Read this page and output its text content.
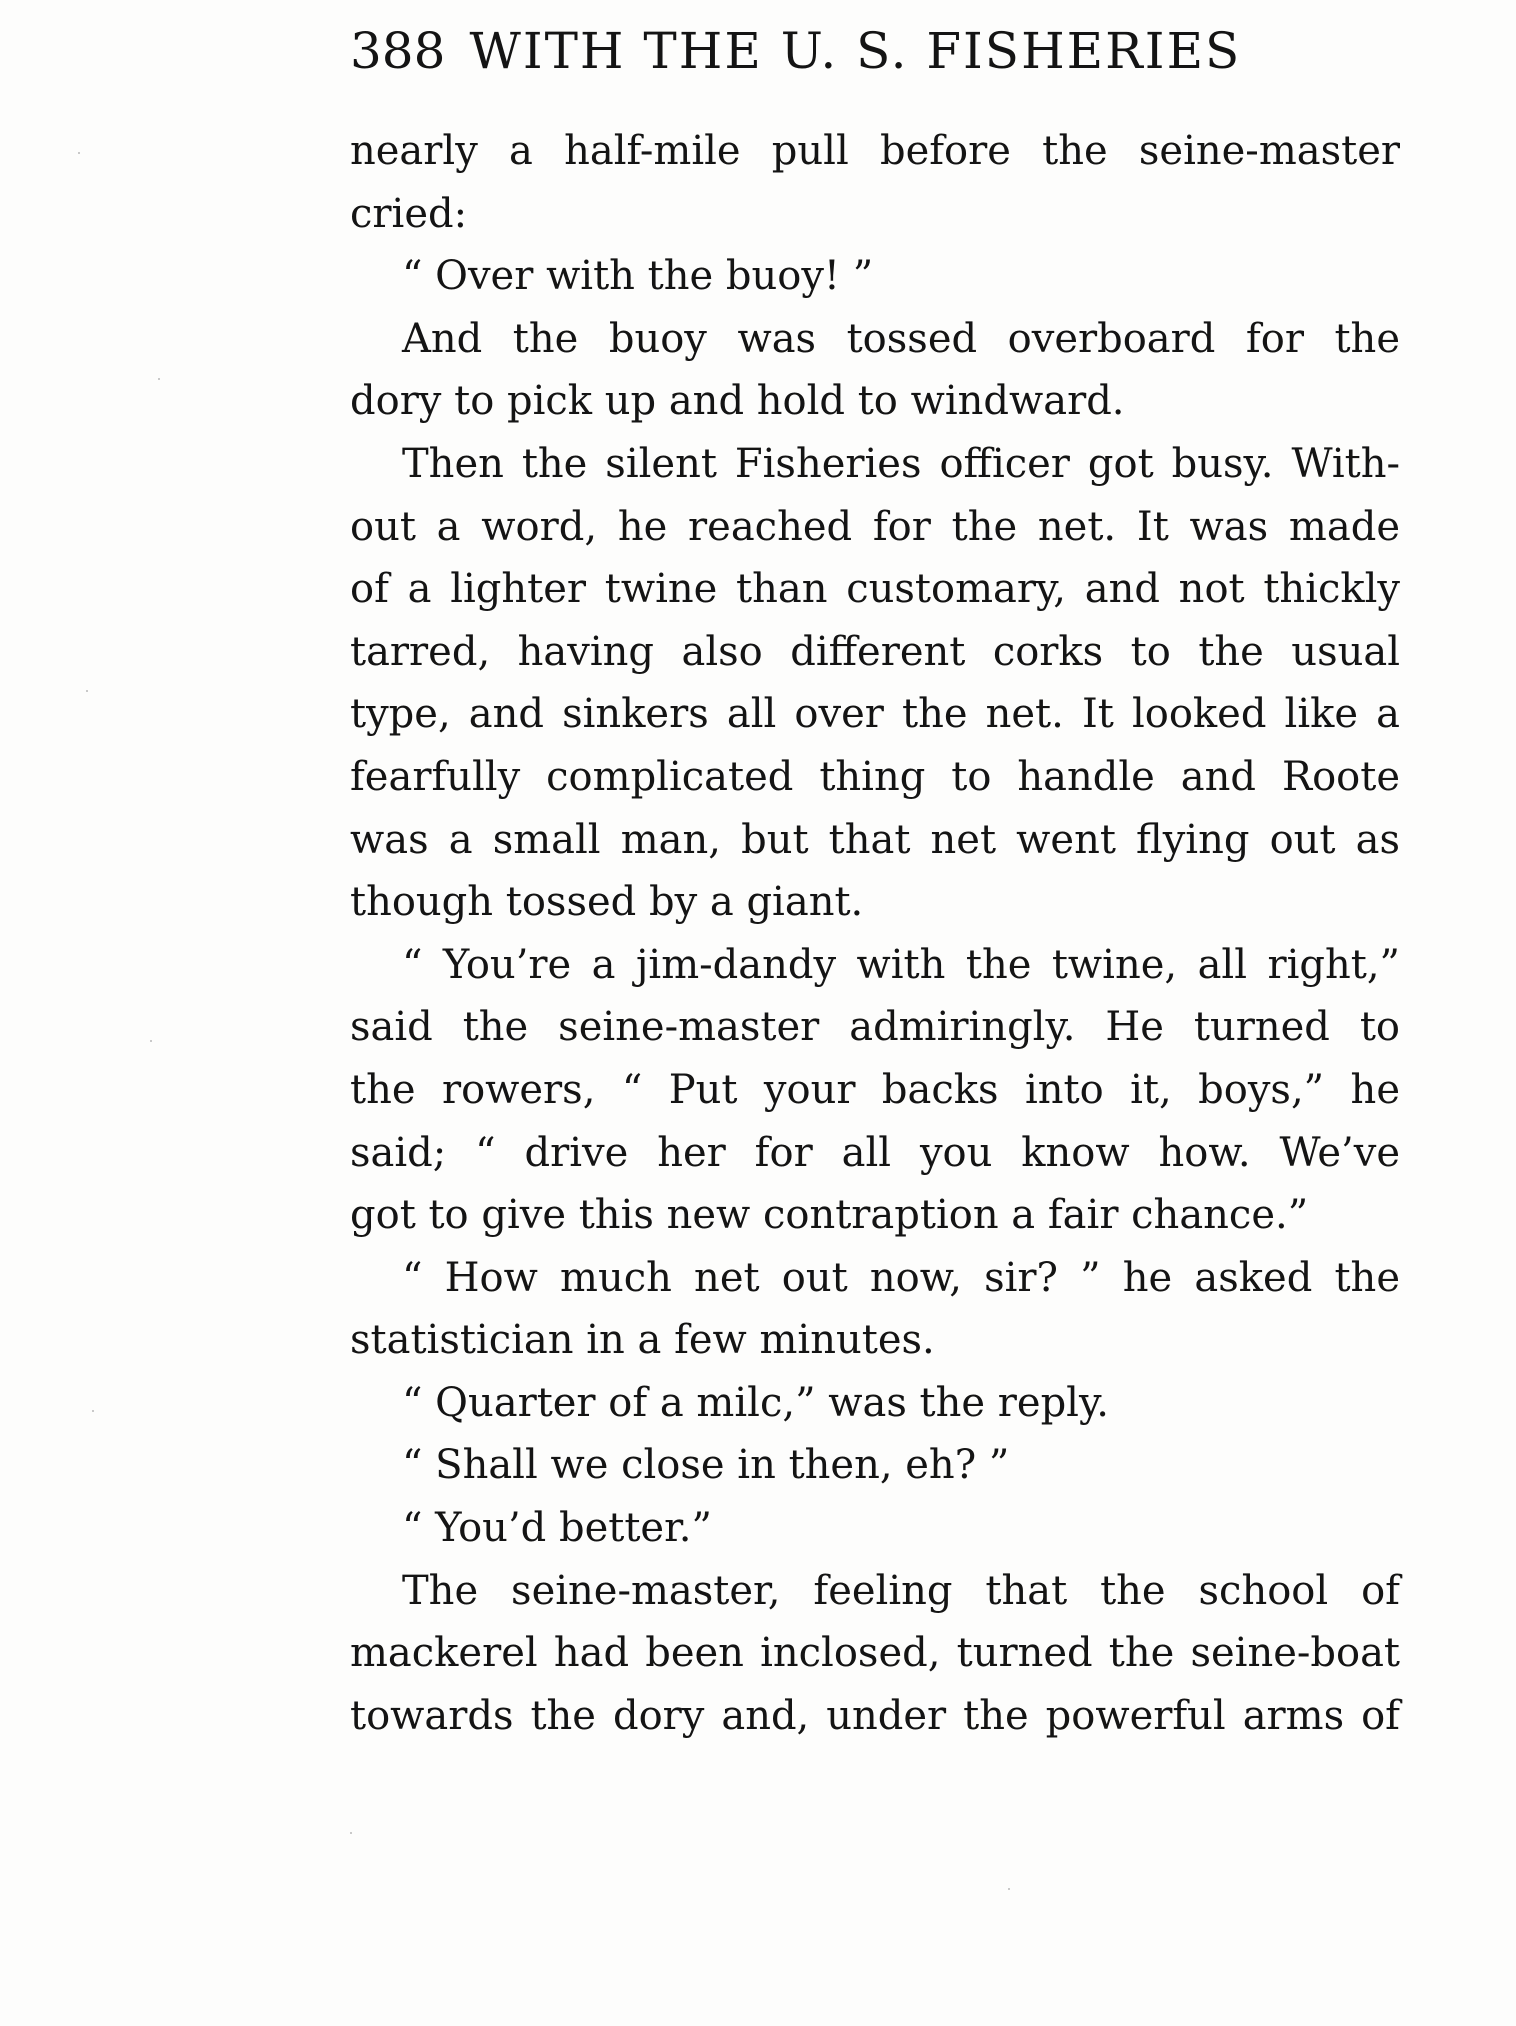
388 WITH THE U. S. FISHERIES
nearly a half-mile pull before the seine-master
cried:
“ Over with the buoy! ”
And the buoy was tossed overboard for the
dory to pick up and hold to windward.
Then the silent Fisheries officer got busy. With-
out a word, he reached for the net. It was made
of a lighter twine than customary, and not thickly
tarred, having also different corks to the usual
type, and sinkers all over the net. It looked like a
fearfully complicated thing to handle and Roote
was a small man, but that net went flying out as
though tossed by a giant.
“ You’re a jim-dandy with the twine, all right,”
said the seine-master admiringly. He turned to
the rowers, “ Put your backs into it, boys,” he
said; “ drive her for all you know how. We’ve
got to give this new contraption a fair chance.”
“ How much net out now, sir? ” he asked the
statistician in a few minutes.
“ Quarter of a milc,” was the reply.
“ Shall we close in then, eh? ”
“ You’d better.”
The seine-master, feeling that the school of
mackerel had been inclosed, turned the seine-boat
towards the dory and, under the powerful arms of
